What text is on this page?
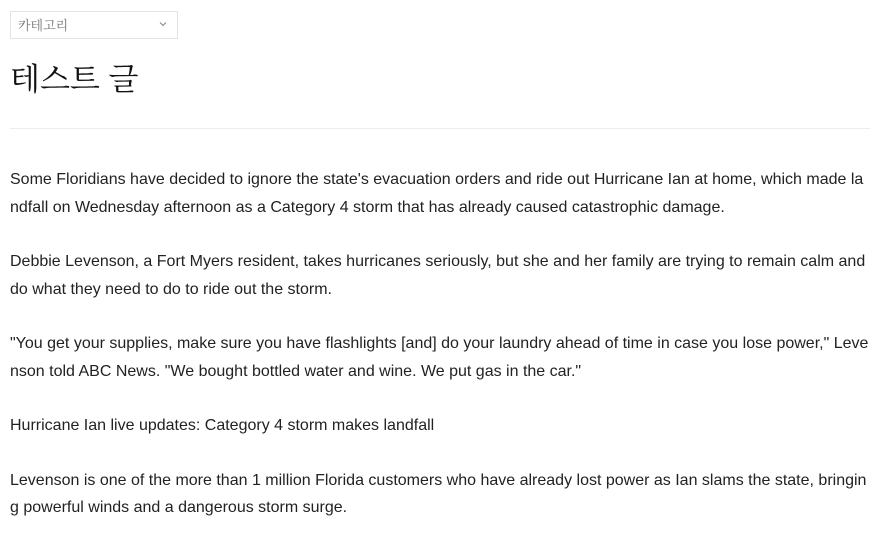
카테고리
테스트 글

Some Floridians have decided to ignore the state's evacuation orders and ride out Hurricane Ian at home, which made landfall on Wednesday afternoon as a Category 4 storm that has already caused catastrophic damage.

Debbie Levenson, a Fort Myers resident, takes hurricanes seriously, but she and her family are trying to remain calm and do what they need to do to ride out the storm.

"You get your supplies, make sure you have flashlights [and] do your laundry ahead of time in case you lose power," Levenson told ABC News. "We bought bottled water and wine. We put gas in the car."

Hurricane Ian live updates: Category 4 storm makes landfall

Levenson is one of the more than 1 million Florida customers who have already lost power as Ian slams the state, bringing powerful winds and a dangerous storm surge.
